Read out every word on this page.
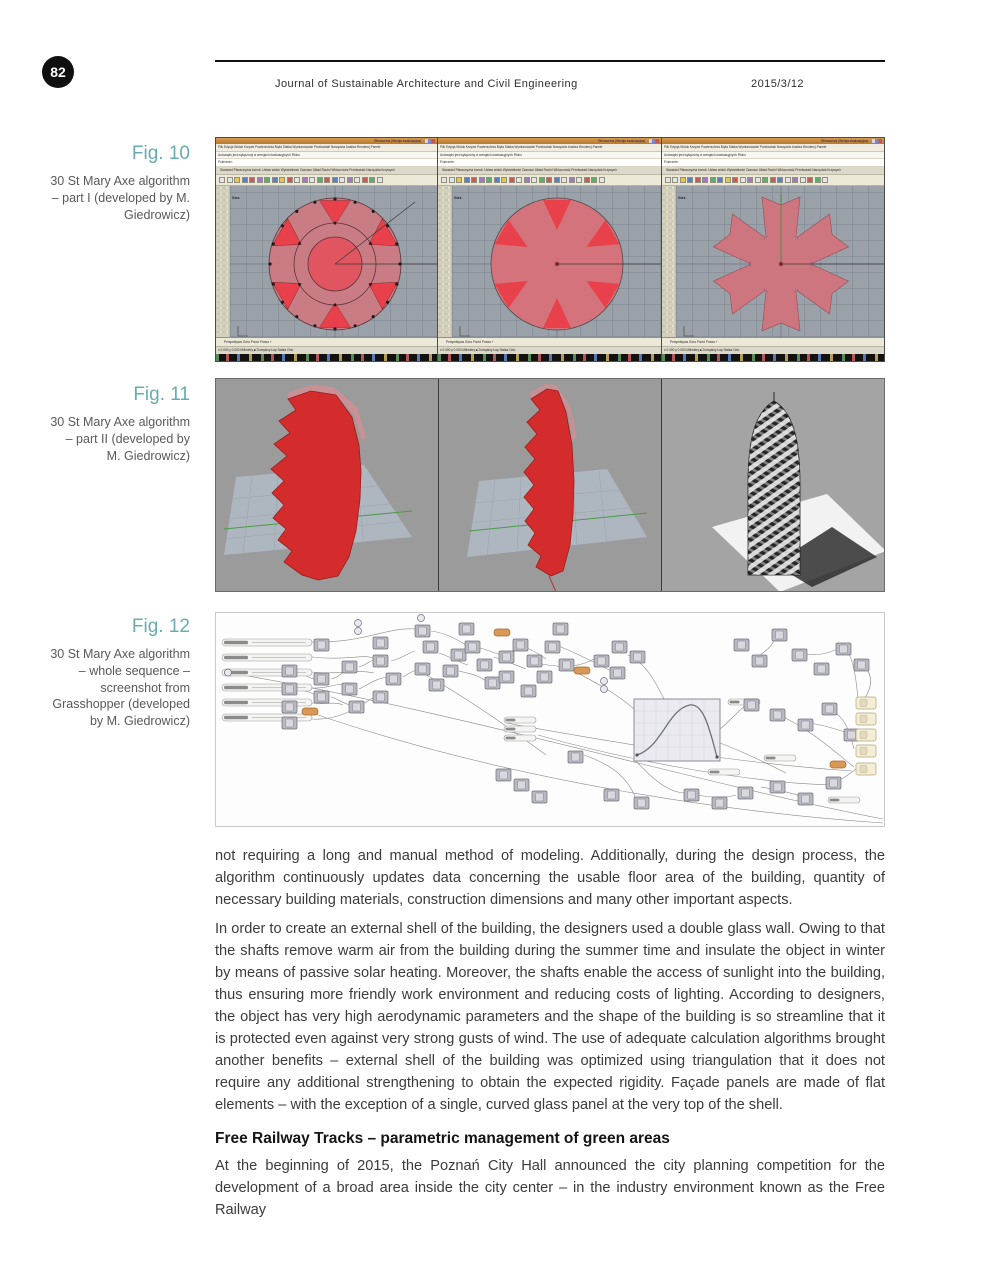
82
Journal of Sustainable Architecture and Civil Engineering	2015/3/12
Fig. 10
30 St Mary Axe algorithm – part I (developed by M. Giedrowicz)
Fig. 11
30 St Mary Axe algorithm – part II (developed by M. Giedrowicz)
Fig. 12
30 St Mary Axe algorithm – whole sequence – screenshot from Grasshopper (developed by M. Giedrowicz)
Rhinoceros (Wersja ewaluacyjna)
Plik Edycja Widok Krzywe Powierzchnia Bryła Siatka Wymiarowanie Przekształć Narzędzia Analiza Renderuj Panele
Autozapis jest wyłączony w wersjach ewaluacyjnych Rhino
Polecenie:
Standard Płaszczyzna konstr. Ustaw widok Wyświetlanie Zaznacz Układ Rzutni Widoczność Przekształć Narzędzia Krzywych
Góra
Perspektywa Góra Przód Prawa +
x 0.000 y 0.000 Milimetry ■ Domyślny Łap Siatka Orto
Rhinoceros (Wersja ewaluacyjna)
Plik Edycja Widok Krzywe Powierzchnia Bryła Siatka Wymiarowanie Przekształć Narzędzia Analiza Renderuj Panele
Autozapis jest wyłączony w wersjach ewaluacyjnych Rhino
Polecenie:
Standard Płaszczyzna konstr. Ustaw widok Wyświetlanie Zaznacz Układ Rzutni Widoczność Przekształć Narzędzia Krzywych
Góra
Perspektywa Góra Przód Prawa +
x 0.000 y 0.000 Milimetry ■ Domyślny Łap Siatka Orto
Rhinoceros (Wersja ewaluacyjna)
Plik Edycja Widok Krzywe Powierzchnia Bryła Siatka Wymiarowanie Przekształć Narzędzia Analiza Renderuj Panele
Autozapis jest wyłączony w wersjach ewaluacyjnych Rhino
Polecenie:
Standard Płaszczyzna konstr. Ustaw widok Wyświetlanie Zaznacz Układ Rzutni Widoczność Przekształć Narzędzia Krzywych
Góra
Perspektywa Góra Przód Prawa +
x 0.000 y 0.000 Milimetry ■ Domyślny Łap Siatka Orto

not requiring a long and manual method of modeling. Additionally, during the design process, the algorithm continuously updates data concerning the usable floor area of the building, quantity of necessary building materials, construction dimensions and many other important aspects.

In order to create an external shell of the building, the designers used a double glass wall. Owing to that the shafts remove warm air from the building during the summer time and insulate the object in winter by means of passive solar heating. Moreover, the shafts enable the access of sunlight into the building, thus ensuring more friendly work environment and reducing costs of lighting. According to designers, the object has very high aerodynamic parameters and the shape of the building is so streamline that it is protected even against very strong gusts of wind. The use of adequate calculation algorithms brought another benefits – external shell of the building was optimized using triangulation that it does not require any additional strengthening to obtain the expected rigidity. Façade panels are made of flat elements – with the exception of a single, curved glass panel at the very top of the shell.

Free Railway Tracks – parametric management of green areas

At the beginning of 2015, the Poznań City Hall announced the city planning competition for the development of a broad area inside the city center – in the industry environment known as the Free Railway
